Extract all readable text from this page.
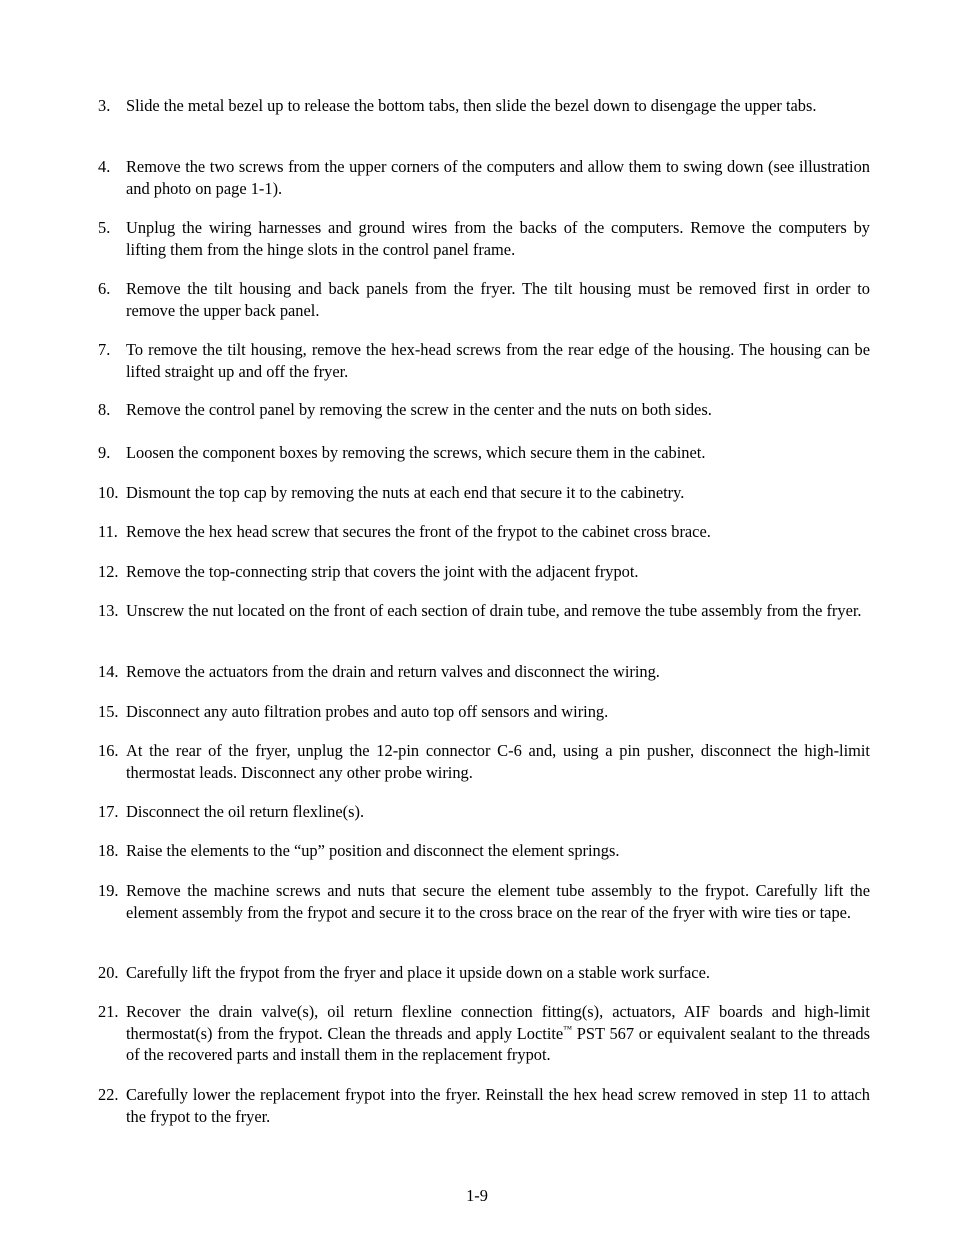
3. Slide the metal bezel up to release the bottom tabs, then slide the bezel down to disengage the upper tabs.
4. Remove the two screws from the upper corners of the computers and allow them to swing down (see illustration and photo on page 1-1).
5. Unplug the wiring harnesses and ground wires from the backs of the computers. Remove the computers by lifting them from the hinge slots in the control panel frame.
6. Remove the tilt housing and back panels from the fryer. The tilt housing must be removed first in order to remove the upper back panel.
7. To remove the tilt housing, remove the hex-head screws from the rear edge of the housing. The housing can be lifted straight up and off the fryer.
8. Remove the control panel by removing the screw in the center and the nuts on both sides.
9. Loosen the component boxes by removing the screws, which secure them in the cabinet.
10. Dismount the top cap by removing the nuts at each end that secure it to the cabinetry.
11. Remove the hex head screw that secures the front of the frypot to the cabinet cross brace.
12. Remove the top-connecting strip that covers the joint with the adjacent frypot.
13. Unscrew the nut located on the front of each section of drain tube, and remove the tube assembly from the fryer.
14. Remove the actuators from the drain and return valves and disconnect the wiring.
15. Disconnect any auto filtration probes and auto top off sensors and wiring.
16. At the rear of the fryer, unplug the 12-pin connector C-6 and, using a pin pusher, disconnect the high-limit thermostat leads. Disconnect any other probe wiring.
17. Disconnect the oil return flexline(s).
18. Raise the elements to the “up” position and disconnect the element springs.
19. Remove the machine screws and nuts that secure the element tube assembly to the frypot. Carefully lift the element assembly from the frypot and secure it to the cross brace on the rear of the fryer with wire ties or tape.
20. Carefully lift the frypot from the fryer and place it upside down on a stable work surface.
21. Recover the drain valve(s), oil return flexline connection fitting(s), actuators, AIF boards and high-limit thermostat(s) from the frypot. Clean the threads and apply Loctite™ PST 567 or equivalent sealant to the threads of the recovered parts and install them in the replacement frypot.
22. Carefully lower the replacement frypot into the fryer. Reinstall the hex head screw removed in step 11 to attach the frypot to the fryer.
1-9
